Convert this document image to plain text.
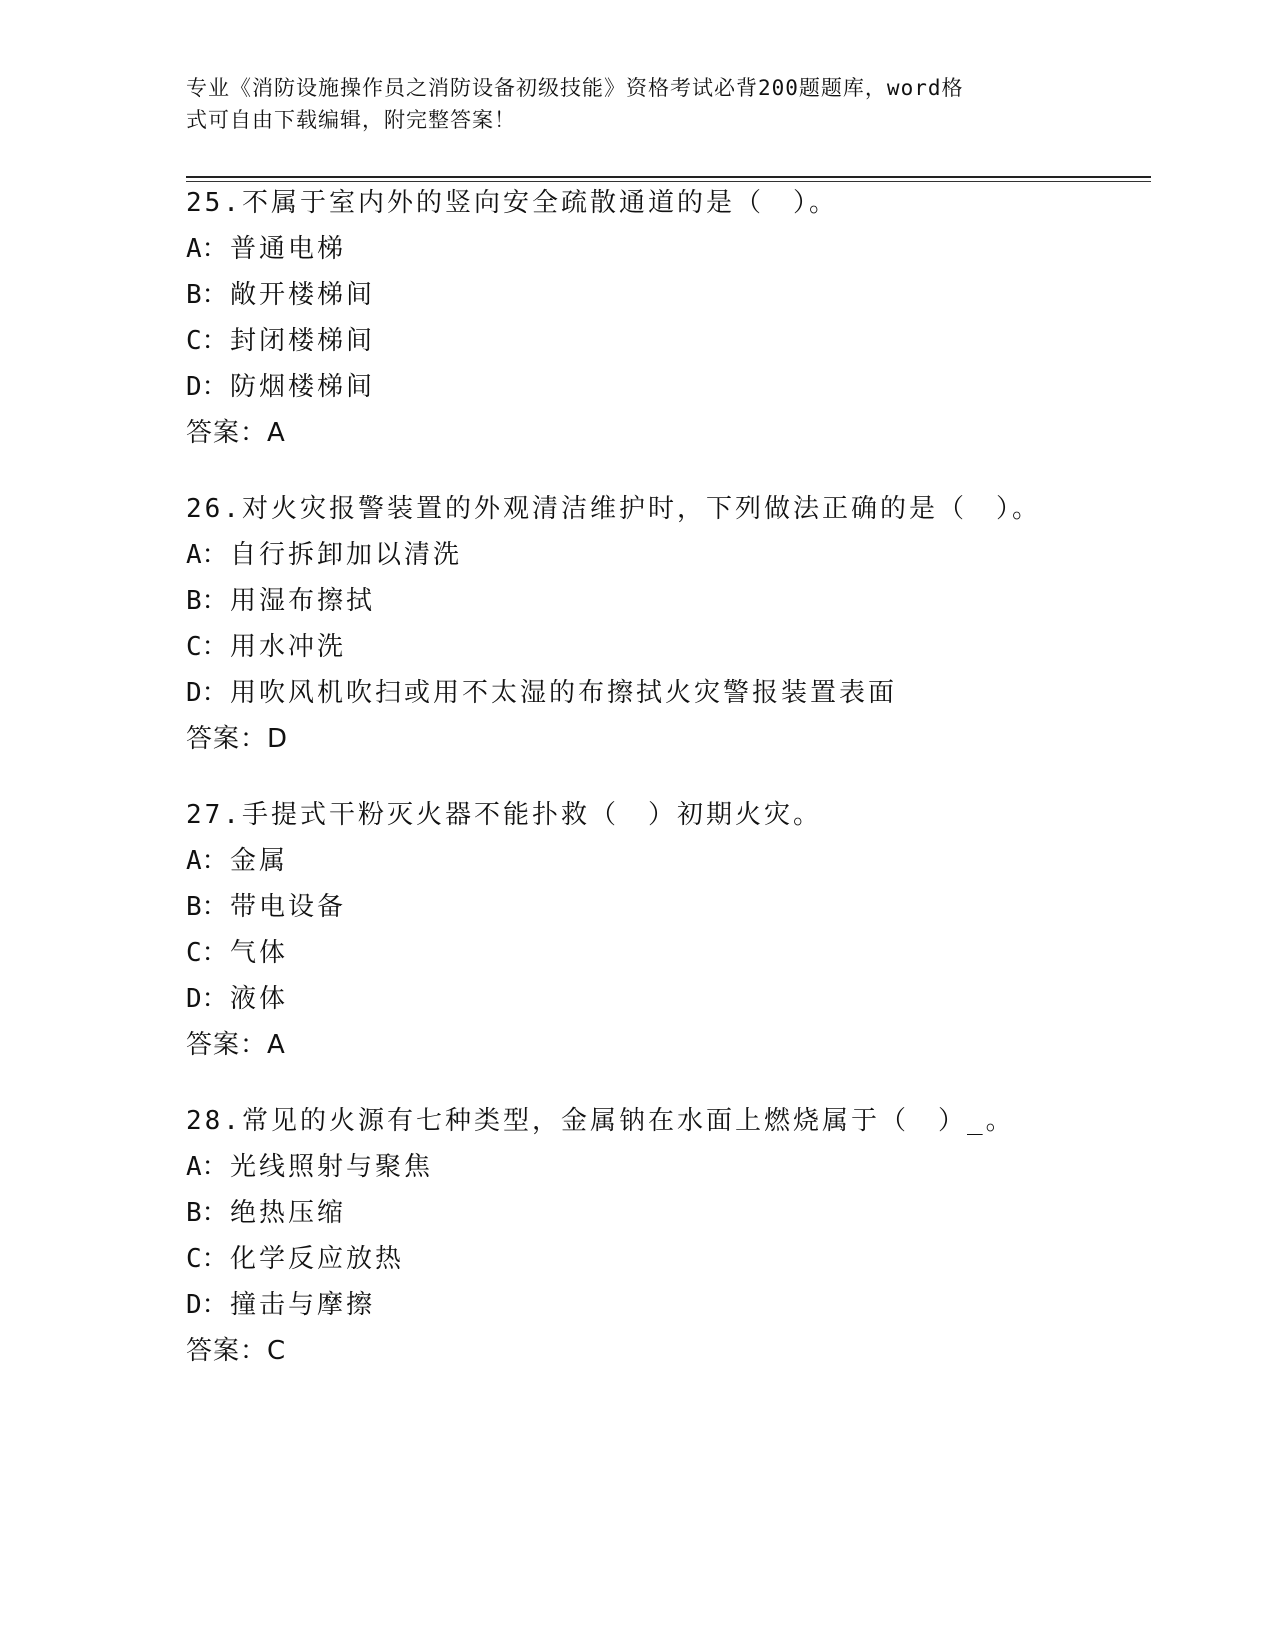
专业《消防设施操作员之消防设备初级技能》资格考试必背200题题库，word格
式可自由下载编辑，附完整答案！
25.不属于室内外的竖向安全疏散通道的是（　）。
A：普通电梯
B：敞开楼梯间
C：封闭楼梯间
D：防烟楼梯间
答案：A
26.对火灾报警装置的外观清洁维护时，下列做法正确的是（　）。
A：自行拆卸加以清洗
B：用湿布擦拭
C：用水冲洗
D：用吹风机吹扫或用不太湿的布擦拭火灾警报装置表面
答案：D
27.手提式干粉灭火器不能扑救（　）初期火灾。
A：金属
B：带电设备
C：气体
D：液体
答案：A
28.常见的火源有七种类型，金属钠在水面上燃烧属于（　）_。
A：光线照射与聚焦
B：绝热压缩
C：化学反应放热
D：撞击与摩擦
答案：C
